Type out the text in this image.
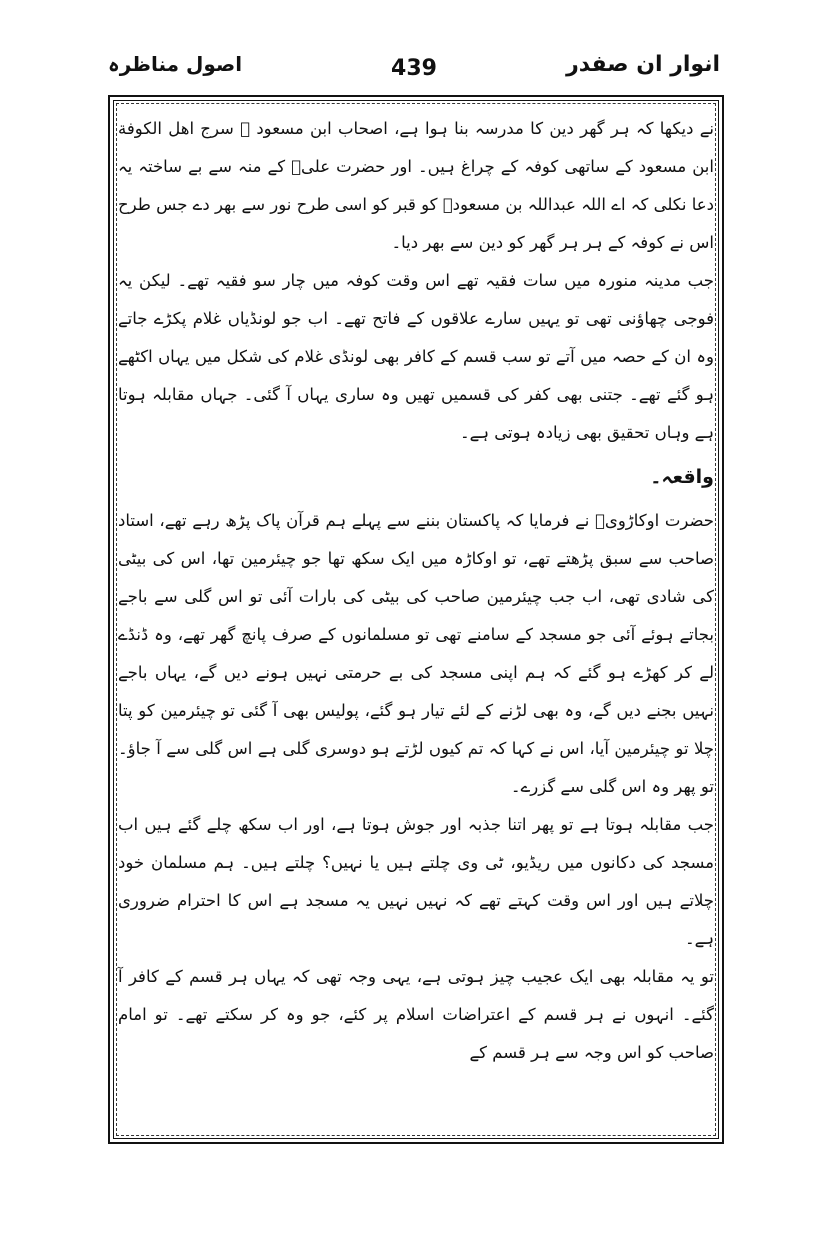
انوار ان صفدر
439
اصول مناظرہ

نے دیکھا کہ ہر گھر دین کا مدرسہ بنا ہوا ہے، اصحاب ابن مسعود ﷺ سرج اهل الكوفة ابن مسعود کے ساتھی کوفہ کے چراغ ہیں۔ اور حضرت علیؓ کے منہ سے بے ساختہ یہ دعا نکلی کہ اے اللہ عبداللہ بن مسعودؓ کو قبر کو اسی طرح نور سے بھر دے جس طرح اس نے کوفہ کے ہر ہر گھر کو دین سے بھر دیا۔

جب مدینہ منورہ میں سات فقیہ تھے اس وقت کوفہ میں چار سو فقیہ تھے۔ لیکن یہ فوجی چھاؤنی تھی تو یہیں سارے علاقوں کے فاتح تھے۔ اب جو لونڈیاں غلام پکڑے جاتے وہ ان کے حصہ میں آتے تو سب قسم کے کافر بھی لونڈی غلام کی شکل میں یہاں اکٹھے ہو گئے تھے۔ جتنی بھی کفر کی قسمیں تھیں وہ ساری یہاں آ گئی۔ جہاں مقابلہ ہوتا ہے وہاں تحقیق بھی زیادہ ہوتی ہے۔

واقعہ۔

حضرت اوکاڑویؒ نے فرمایا کہ پاکستان بننے سے پہلے ہم قرآن پاک پڑھ رہے تھے، استاد صاحب سے سبق پڑھتے تھے، تو اوکاڑہ میں ایک سکھ تھا جو چیئرمین تھا، اس کی بیٹی کی شادی تھی، اب جب چیئرمین صاحب کی بیٹی کی بارات آئی تو اس گلی سے باجے بجاتے ہوئے آئی جو مسجد کے سامنے تھی تو مسلمانوں کے صرف پانچ گھر تھے، وہ ڈنڈے لے کر کھڑے ہو گئے کہ ہم اپنی مسجد کی بے حرمتی نہیں ہونے دیں گے، یہاں باجے نہیں بجنے دیں گے، وہ بھی لڑنے کے لئے تیار ہو گئے، پولیس بھی آ گئی تو چیئرمین کو پتا چلا تو چیئرمین آیا، اس نے کہا کہ تم کیوں لڑتے ہو دوسری گلی ہے اس گلی سے آ جاؤ۔ تو پھر وہ اس گلی سے گزرے۔

جب مقابلہ ہوتا ہے تو پھر اتنا جذبہ اور جوش ہوتا ہے، اور اب سکھ چلے گئے ہیں اب مسجد کی دکانوں میں ریڈیو، ٹی وی چلتے ہیں یا نہیں؟ چلتے ہیں۔ ہم مسلمان خود چلاتے ہیں اور اس وقت کہتے تھے کہ نہیں نہیں یہ مسجد ہے اس کا احترام ضروری ہے۔

تو یہ مقابلہ بھی ایک عجیب چیز ہوتی ہے، یہی وجہ تھی کہ یہاں ہر قسم کے کافر آ گئے۔ انہوں نے ہر قسم کے اعتراضات اسلام پر کئے، جو وہ کر سکتے تھے۔ تو امام صاحب کو اس وجہ سے ہر قسم کے
